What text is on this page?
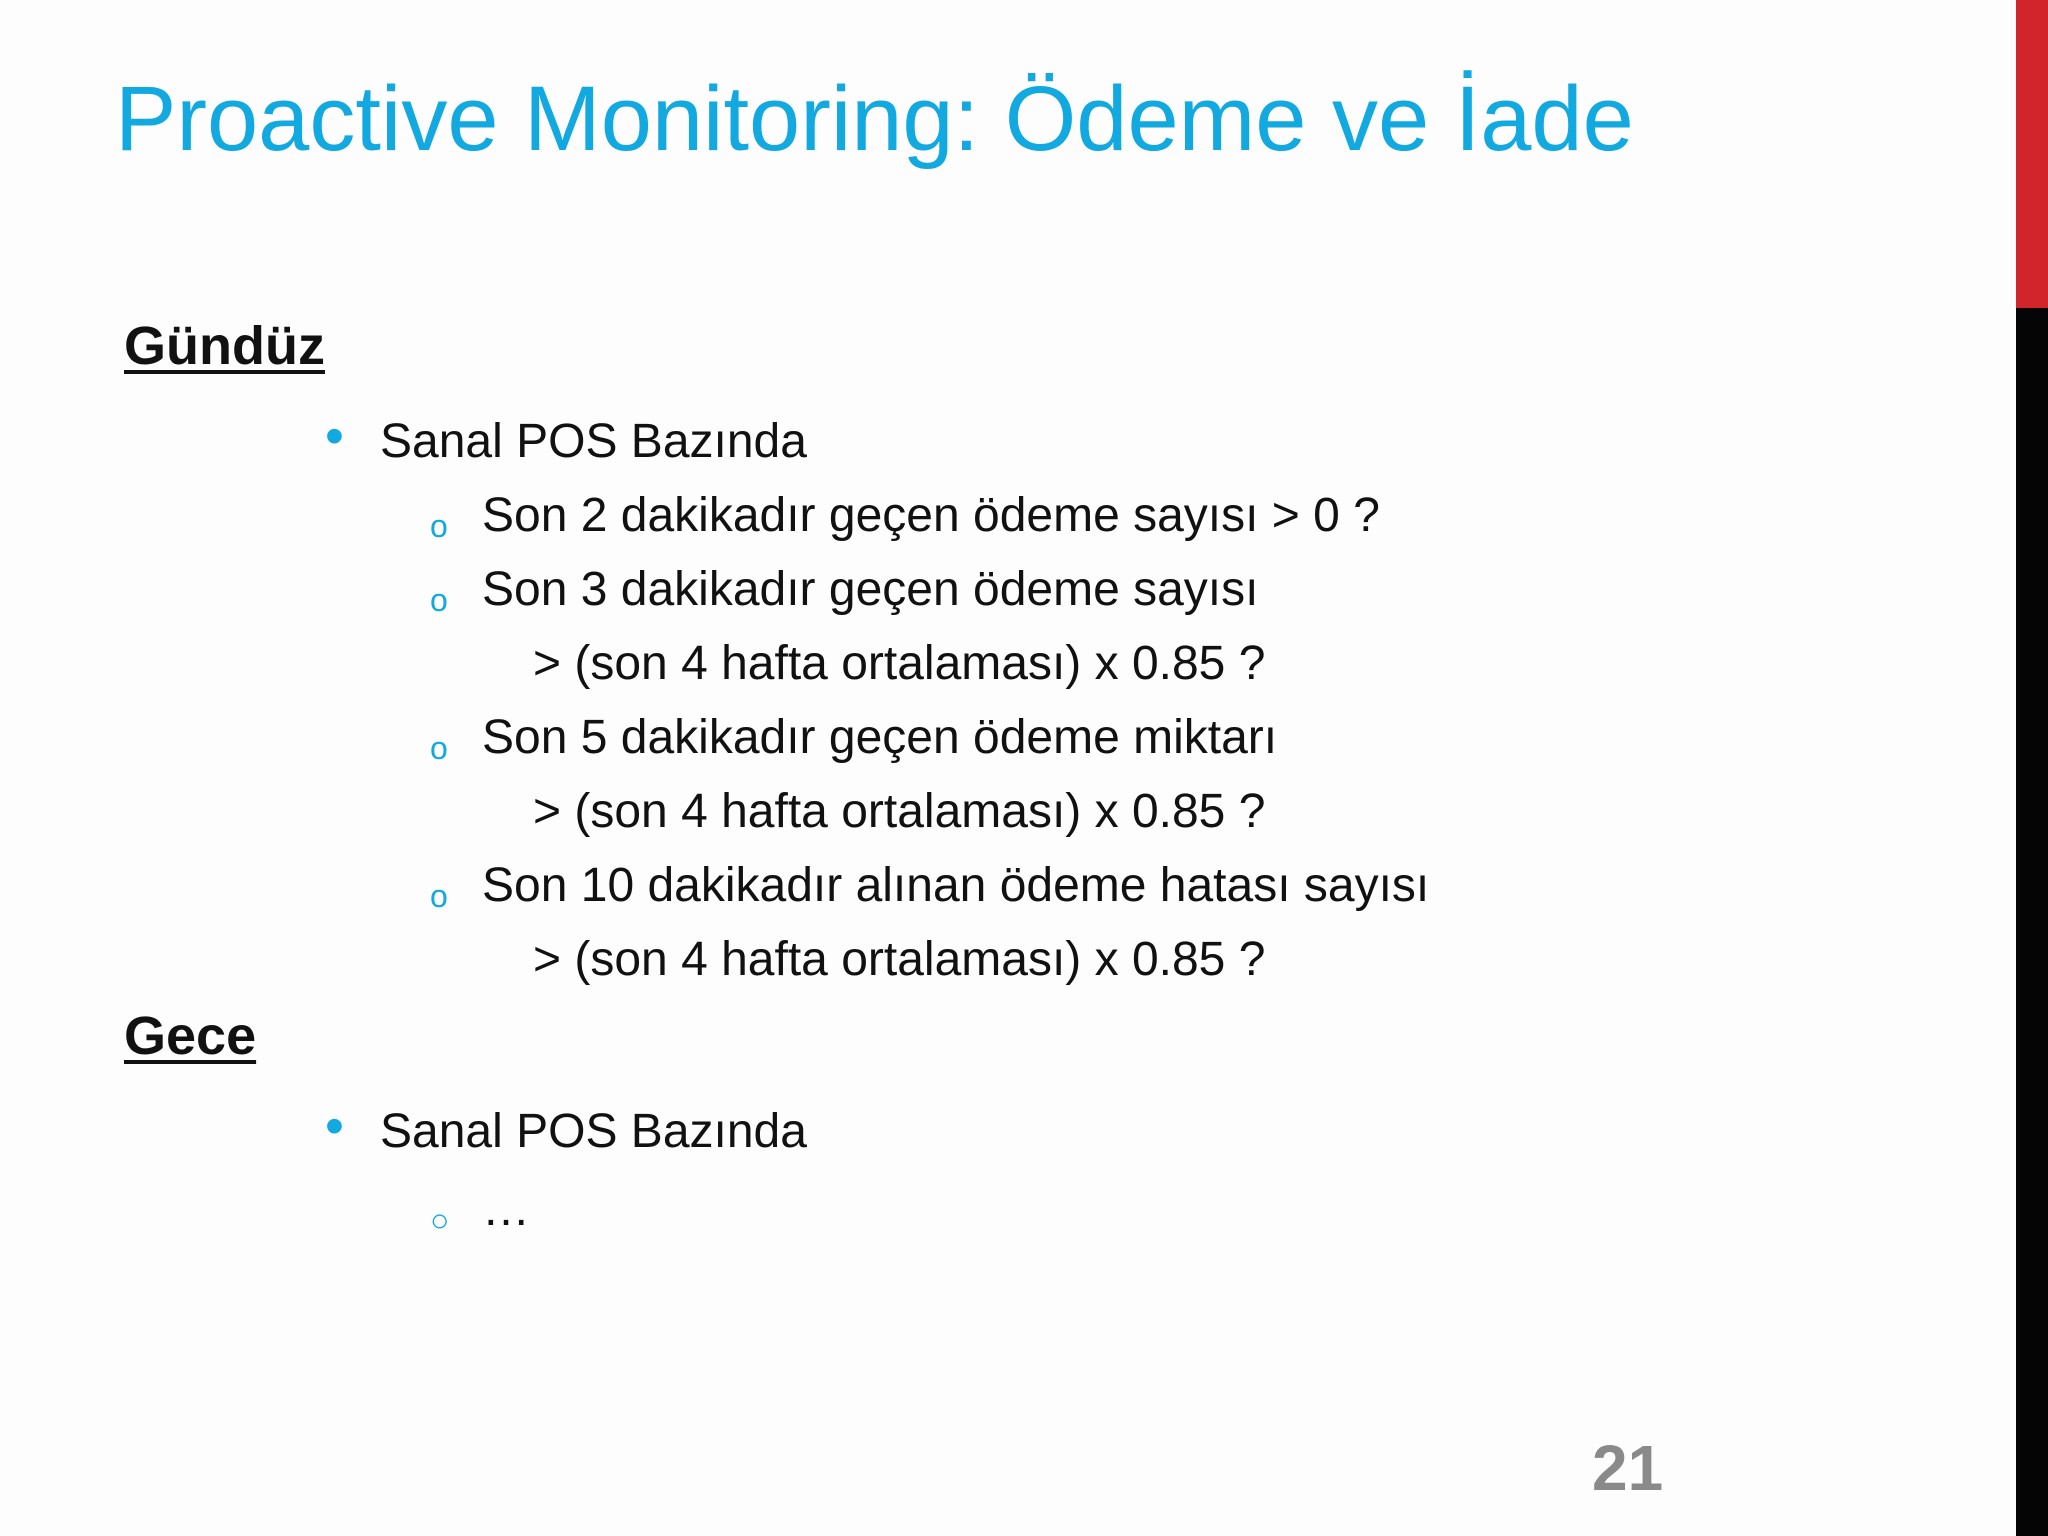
Proactive Monitoring: Ödeme ve İade
Gündüz
• Sanal POS Bazında
o Son 2 dakikadır geçen ödeme sayısı > 0 ?
o Son 3 dakikadır geçen ödeme sayısı
> (son 4 hafta ortalaması) x 0.85 ?
o Son 5 dakikadır geçen ödeme miktarı
> (son 4 hafta ortalaması) x 0.85 ?
o Son 10 dakikadır alınan ödeme hatası sayısı
> (son 4 hafta ortalaması) x 0.85 ?
Gece
• Sanal POS Bazında
○ …
21
